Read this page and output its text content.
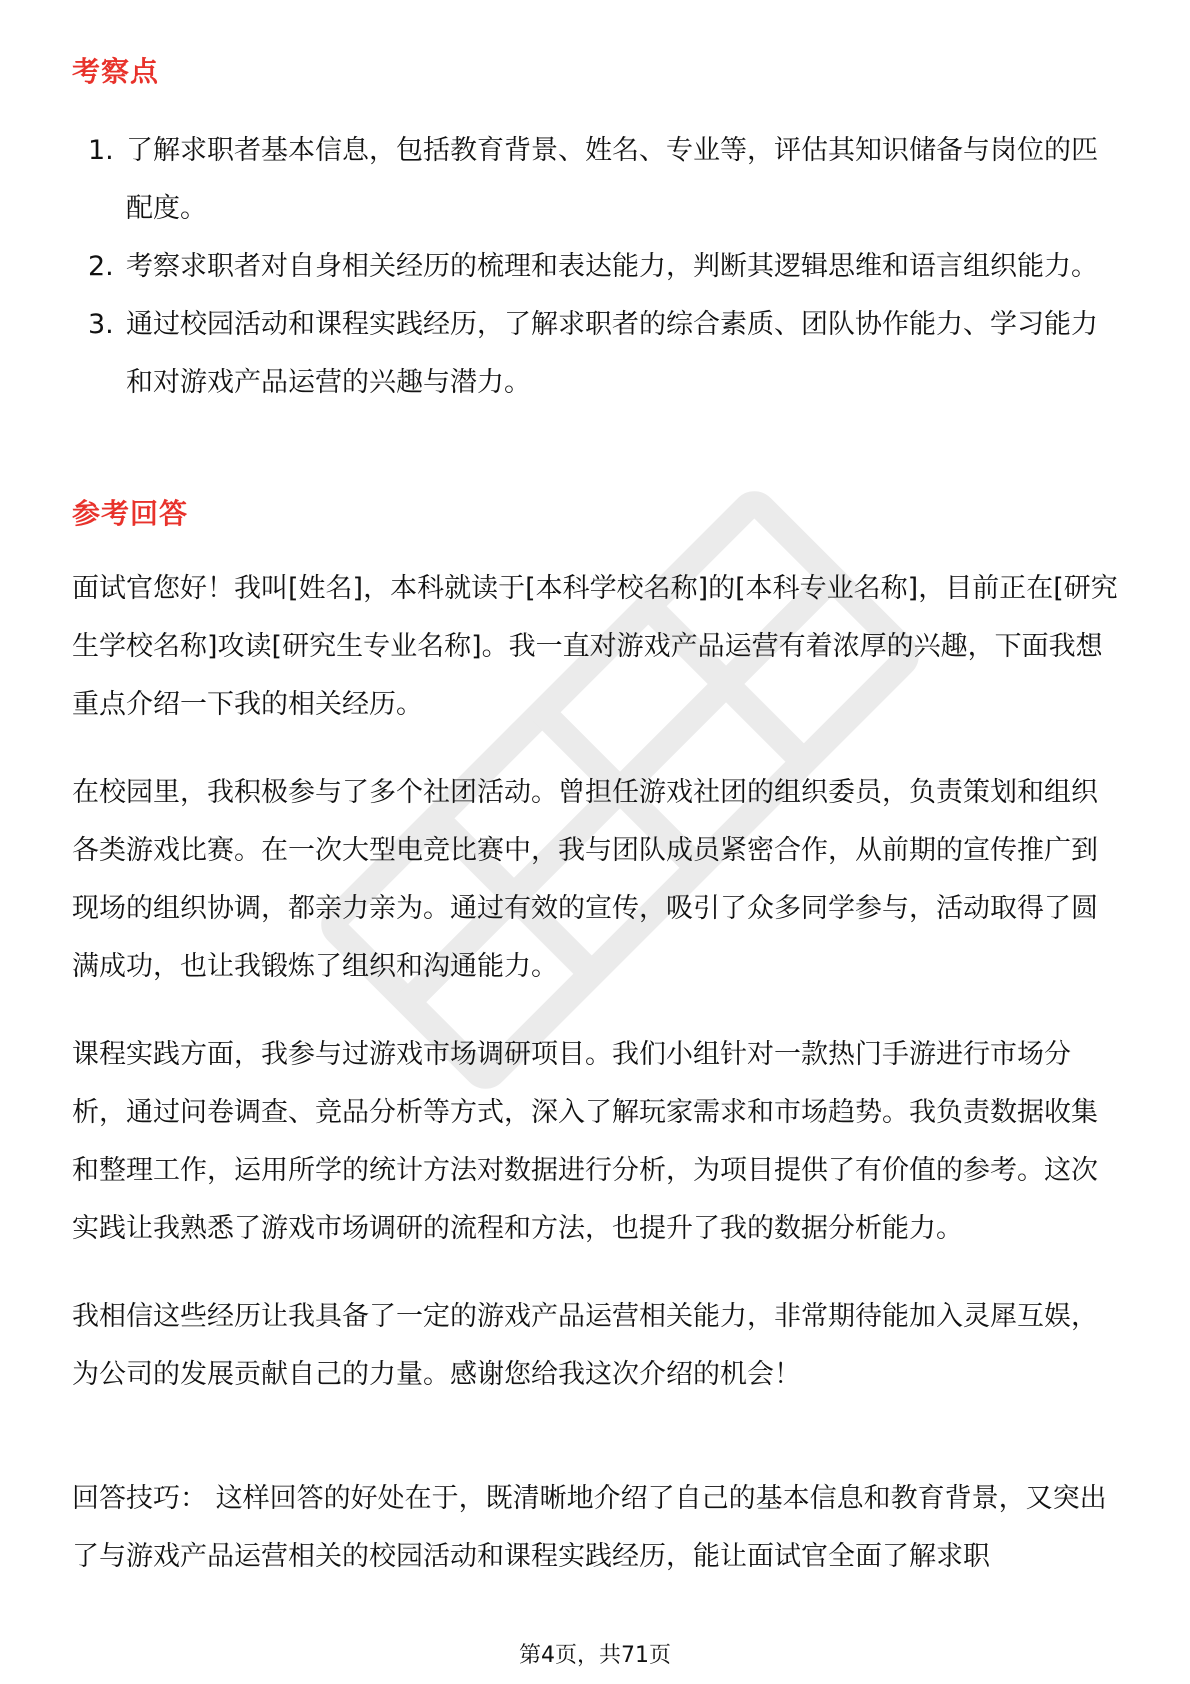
考察点
1. 了解求职者基本信息，包括教育背景、姓名、专业等，评估其知识储备与岗位的匹配度。
2. 考察求职者对自身相关经历的梳理和表达能力，判断其逻辑思维和语言组织能力。
3. 通过校园活动和课程实践经历，了解求职者的综合素质、团队协作能力、学习能力和对游戏产品运营的兴趣与潜力。
参考回答

面试官您好！我叫[姓名]，本科就读于[本科学校名称]的[本科专业名称]，目前正在[研究生学校名称]攻读[研究生专业名称]。我一直对游戏产品运营有着浓厚的兴趣，下面我想重点介绍一下我的相关经历。

在校园里，我积极参与了多个社团活动。曾担任游戏社团的组织委员，负责策划和组织各类游戏比赛。在一次大型电竞比赛中，我与团队成员紧密合作，从前期的宣传推广到现场的组织协调，都亲力亲为。通过有效的宣传，吸引了众多同学参与，活动取得了圆满成功，也让我锻炼了组织和沟通能力。

课程实践方面，我参与过游戏市场调研项目。我们小组针对一款热门手游进行市场分析，通过问卷调查、竞品分析等方式，深入了解玩家需求和市场趋势。我负责数据收集和整理工作，运用所学的统计方法对数据进行分析，为项目提供了有价值的参考。这次实践让我熟悉了游戏市场调研的流程和方法，也提升了我的数据分析能力。

我相信这些经历让我具备了一定的游戏产品运营相关能力，非常期待能加入灵犀互娱，为公司的发展贡献自己的力量。感谢您给我这次介绍的机会！

回答技巧： 这样回答的好处在于，既清晰地介绍了自己的基本信息和教育背景，又突出了与游戏产品运营相关的校园活动和课程实践经历，能让面试官全面了解求职

第4页，共71页
